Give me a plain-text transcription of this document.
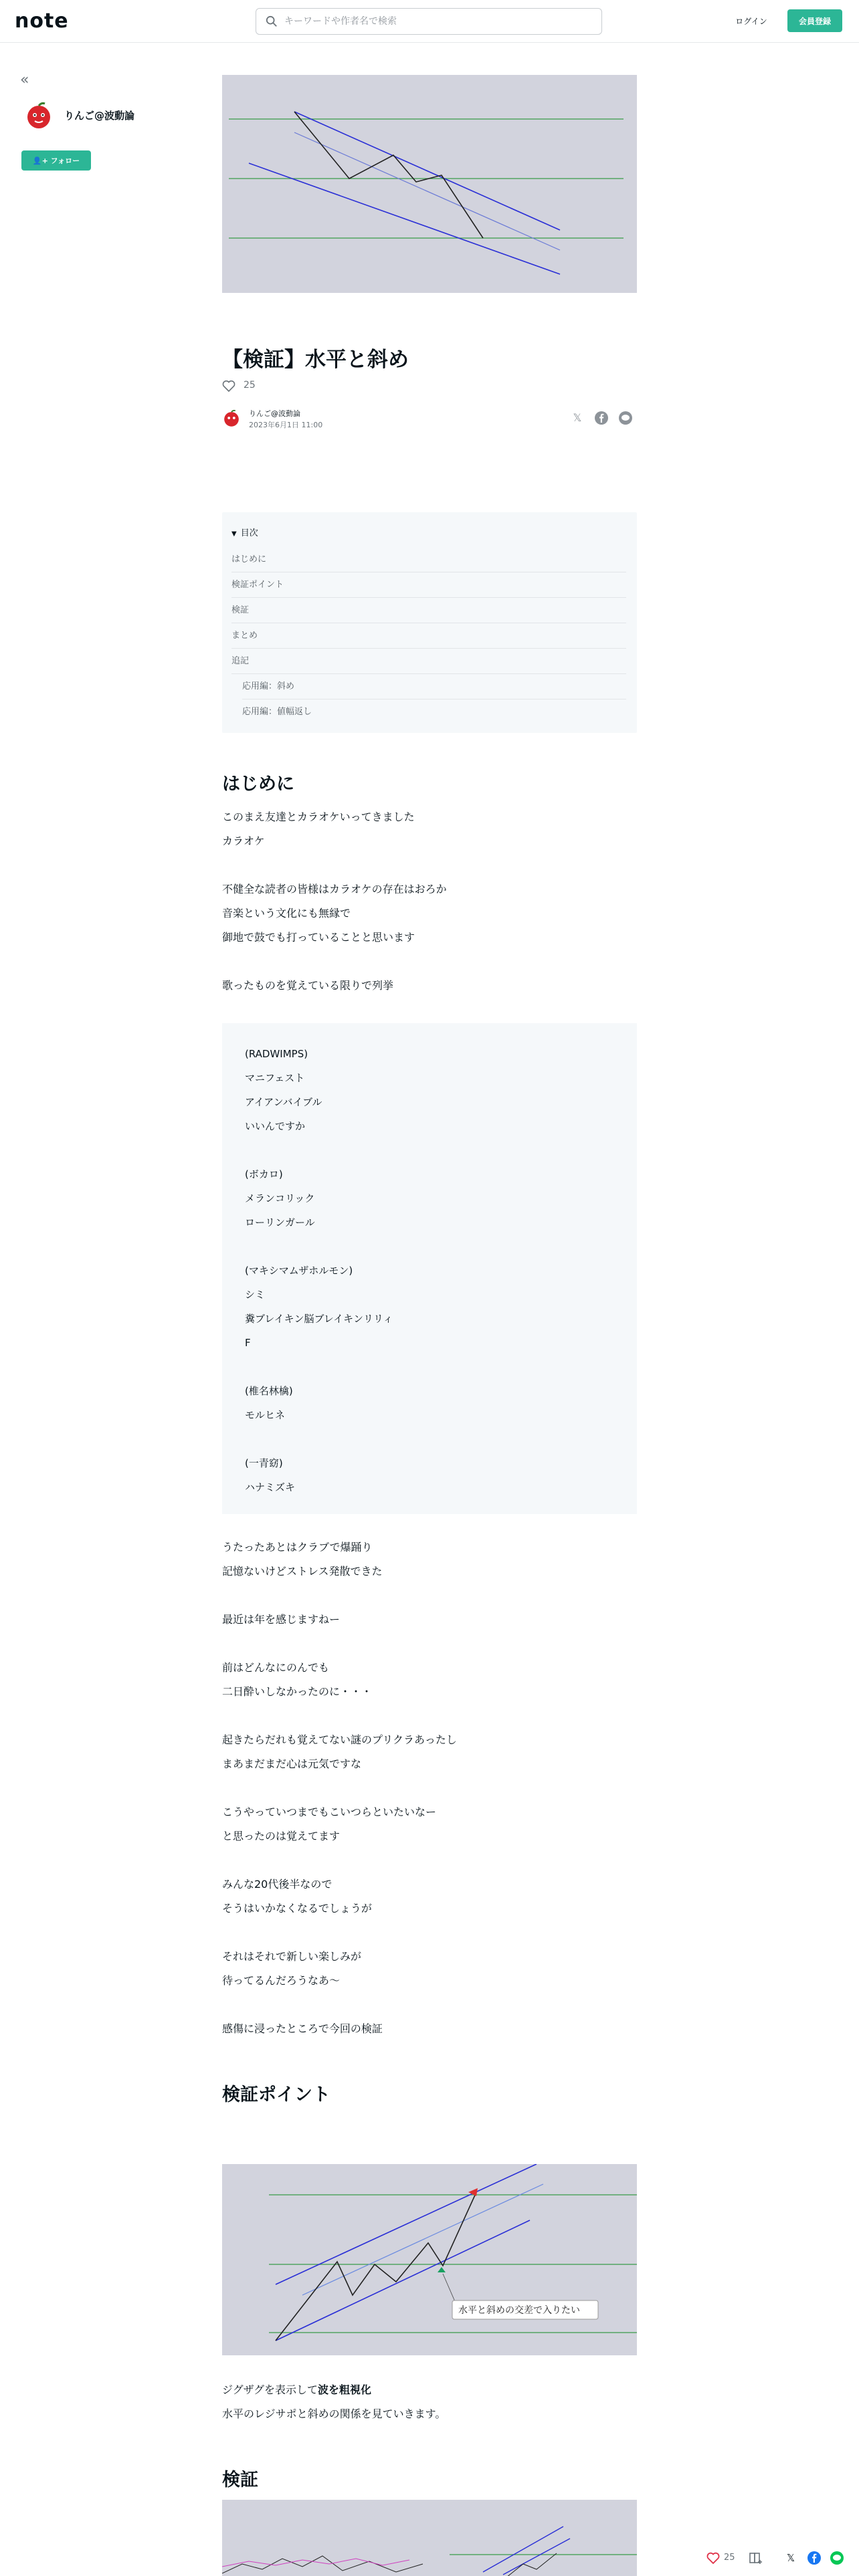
note
キーワードや作者名で検索	ログイン	会員登録
«
りんご@波動論
👤+ フォロー
【検証】水平と斜め
25
りんご@波動論
2023年6月1日 11:00
𝕏
▼ 目次
はじめに
検証ポイント
検証
まとめ
追記
応用編：斜め
応用編：値幅返し
はじめに
このまえ友達とカラオケいってきました
カラオケ
不健全な読者の皆様はカラオケの存在はおろか
音楽という文化にも無縁で
御地で鼓でも打っていることと思います
歌ったものを覚えている限りで列挙
(RADWIMPS)
マニフェスト
アイアンバイブル
いいんですか

(ボカロ)
メランコリック
ローリンガール

(マキシマムザホルモン)
シミ
糞ブレイキン脳ブレイキンリリィ
F

(椎名林檎)
モルヒネ

(一青窈)
ハナミズキ
うたったあとはクラブで爆踊り
記憶ないけどストレス発散できた

最近は年を感じますねー

前はどんなにのんでも
二日酔いしなかったのに・・・

起きたらだれも覚えてない謎のプリクラあったし
まあまだまだ心は元気ですな

こうやっていつまでもこいつらといたいなー
と思ったのは覚えてます

みんな20代後半なので
そうはいかなくなるでしょうが

それはそれで新しい楽しみが
待ってるんだろうなあ～

感傷に浸ったところで今回の検証
検証ポイント
水平と斜めの交差で入りたい
ジグザグを表示して波を粗視化
水平のレジサポと斜めの関係を見ていきます。
検証
25	𝕏
